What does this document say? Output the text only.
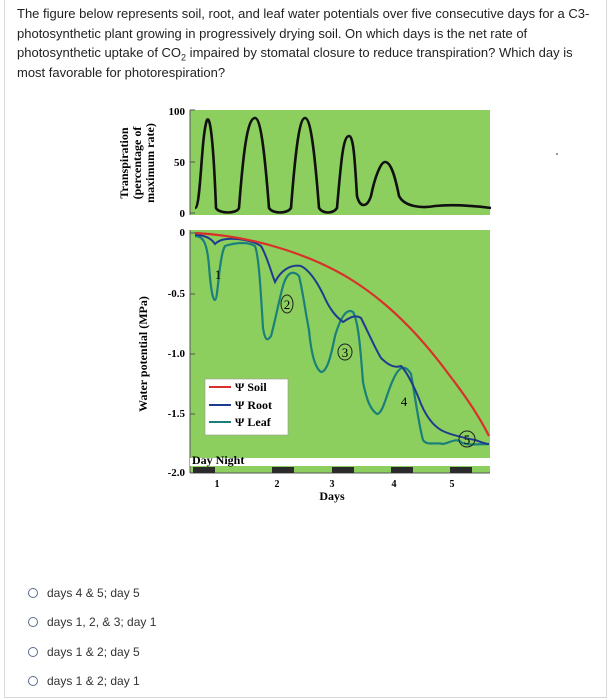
The figure below represents soil, root, and leaf water potentials over five consecutive days for a C3-
photosynthetic plant growing in progressively drying soil. On which days is the net rate of
photosynthetic uptake of $CO_2$ impaired by stomatal closure to reduce transpiration? Which day is
most favorable for photorespiration?
100
50
0
Transpiration (percentage of maximum rate)
0
-0.5
-1.0
-1.5
-2.0
Water potential (MPa)
1
2
3
4
5
Ψ Soil
Ψ Root
Ψ Leaf
Day Night
1	2	3	4	5
Days
days 4 & 5; day 5
days 1, 2, & 3; day 1
days 1 & 2; day 5
days 1 & 2; day 1
